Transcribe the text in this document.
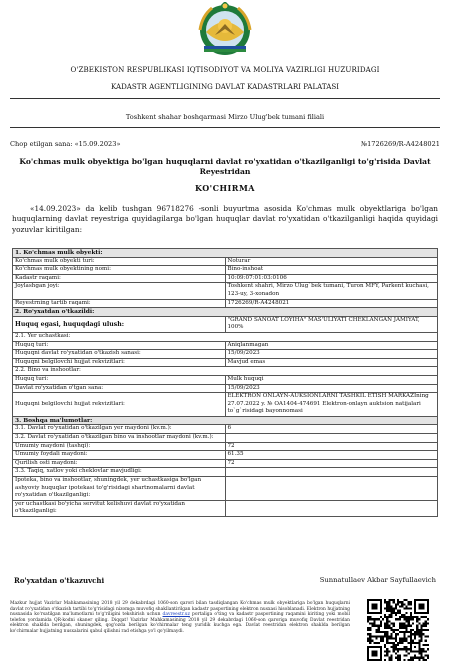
O'ZBEKISTON RESPUBLIKASI IQTISODIYOT VA MOLIYA VAZIRLIGI HUZURIDAGI
KADASTR AGENTLIGINING DAVLAT KADASTRLARI PALATASI
Toshkent shahar boshqarmasi Mirzo Ulug'bek tumani filiali
Chop etilgan sana: «15.09.2023»	№1726269/R-A4248021
Ko'chmas mulk obyektiga bo'lgan huquqlarni davlat ro'yxatidan o'tkazilganligi to'g'risida Davlat Reyestridan
KO'CHIRMA
«14.09.2023» da kelib tushgan 96718276 -sonli buyurtma asosida Ko'chmas mulk obyektlariga bo'lgan huquqlarning davlat reyestriga quyidagilarga bo'lgan huquqlar davlat ro'yxatidan o'tkazilganligi haqida quyidagi yozuvlar kiritilgan:
1. Ko'chmas mulk obyekti:	
Ko'chmas mulk obyekti turi:	Noturar
Ko'chmas mulk obyektining nomi:	Bino-inshoat
Kadastr raqami:	10:09:07:01:03:0106
Joylashgan joyi:	Toshkent shahri, Mirzo Ulug`bek tumani, Turon MFY, Parkent kuchasi, 123-uy, 3-xonadon
Reyestrning tartib raqami:	1726269/R-A4248021
2. Ro'yxatdan o'tkazildi:	
Huquq egasi, huquqdagi ulush:	"GRAND SANOAT LOYIHA" MAS'ULIYATI CHEKLANGAN JAMIYAT, 100%
2.1. Yer uchastkasi:	
Huquq turi:	Aniqlanmagan
Huquqni davlat ro'yxatidan o'tkazish sanasi:	15/09/2023
Huquqni belgilovchi hujjat rekvizitlari:	Mavjud emas
2.2. Bino va inshootlar:	
Huquq turi:	Mulk huquqi
Davlat ro'yxatidan o'tgan sana:	15/09/2023
Huquqni belgilovchi hujjat rekvizitlari:	ELEKTRON ONLAYN-AUKSIONLARNI TASHKIL ETISH MARKAZIning 27.07.2022 y. № OA1404-474691 Elektron-onlayn auktsion natijalari to`g`risidagi bayonnomasi
3. Boshqa ma'lumotlar:	
3.1. Davlat ro'yxatidan o'tkazilgan yer maydoni (kv.m.):	6
3.2. Davlat ro'yxatidan o'tkazilgan bino va inshootlar maydoni (kv.m.):	
Umumiy maydoni (tashqi):	72
Umumiy foydali maydoni:	61.35
Qurilish osti maydoni:	72
3.3. Taqiq, xatlov yoki cheklovlar mavjudligi:	
Ipoteka, bino va inshootlar, shuningdek, yer uchastkasiga bo'lgan ashyoviy huquqlar ipotekasi to'g'risidagi shartnomalarni davlat ro'yxatidan o'tkazilganligi:	
yer uchastkasi bo'yicha servitut kelishuvi davlat ro'yxatidan o'tkazilganligi:	
Ro'yxatdan o'tkazuvchi	Sunnatullaev Akbar Sayfullaevich
Mazkur hujjat Vazirlar Mahkamasining 2018 yil 29 dekabrdagi 1060-son qarori bilan tasdiqlangan Ko'chmas mulk obyektlariga bo'lgan huquqlarni davlat ro'yxatidan o'tkazish tartibi to'g'risidagi nizomga muvofiq shakllantirilgan kadastr pasportining elektron nusxasi hisoblanadi. Elektron hujjatning nusxasida ko'rsatilgan ma'lumotlarni to'g'riligini tekshirish uchun davreestr.uz portaliga o'ting va kadastr pasportining raqamini kiriting yoki mobil telefon yordamida QR-kodni skaner qiling. Diqqat! Vazirlar Mahkamasining 2018 yil 29 dekabrdagi 1060-son qaroriga muvofiq Davlat reestridan elektron shaklda berilgan, shuningdek, qog'ozda berilgan ko'chirmalar teng yuridik kuchga ega. Davlat reestridan elektron shaklda berilgan ko'chirmalar hujjatning nusxalarini qabul qilishni rad etishga yo'l qo'yilmaydi.
